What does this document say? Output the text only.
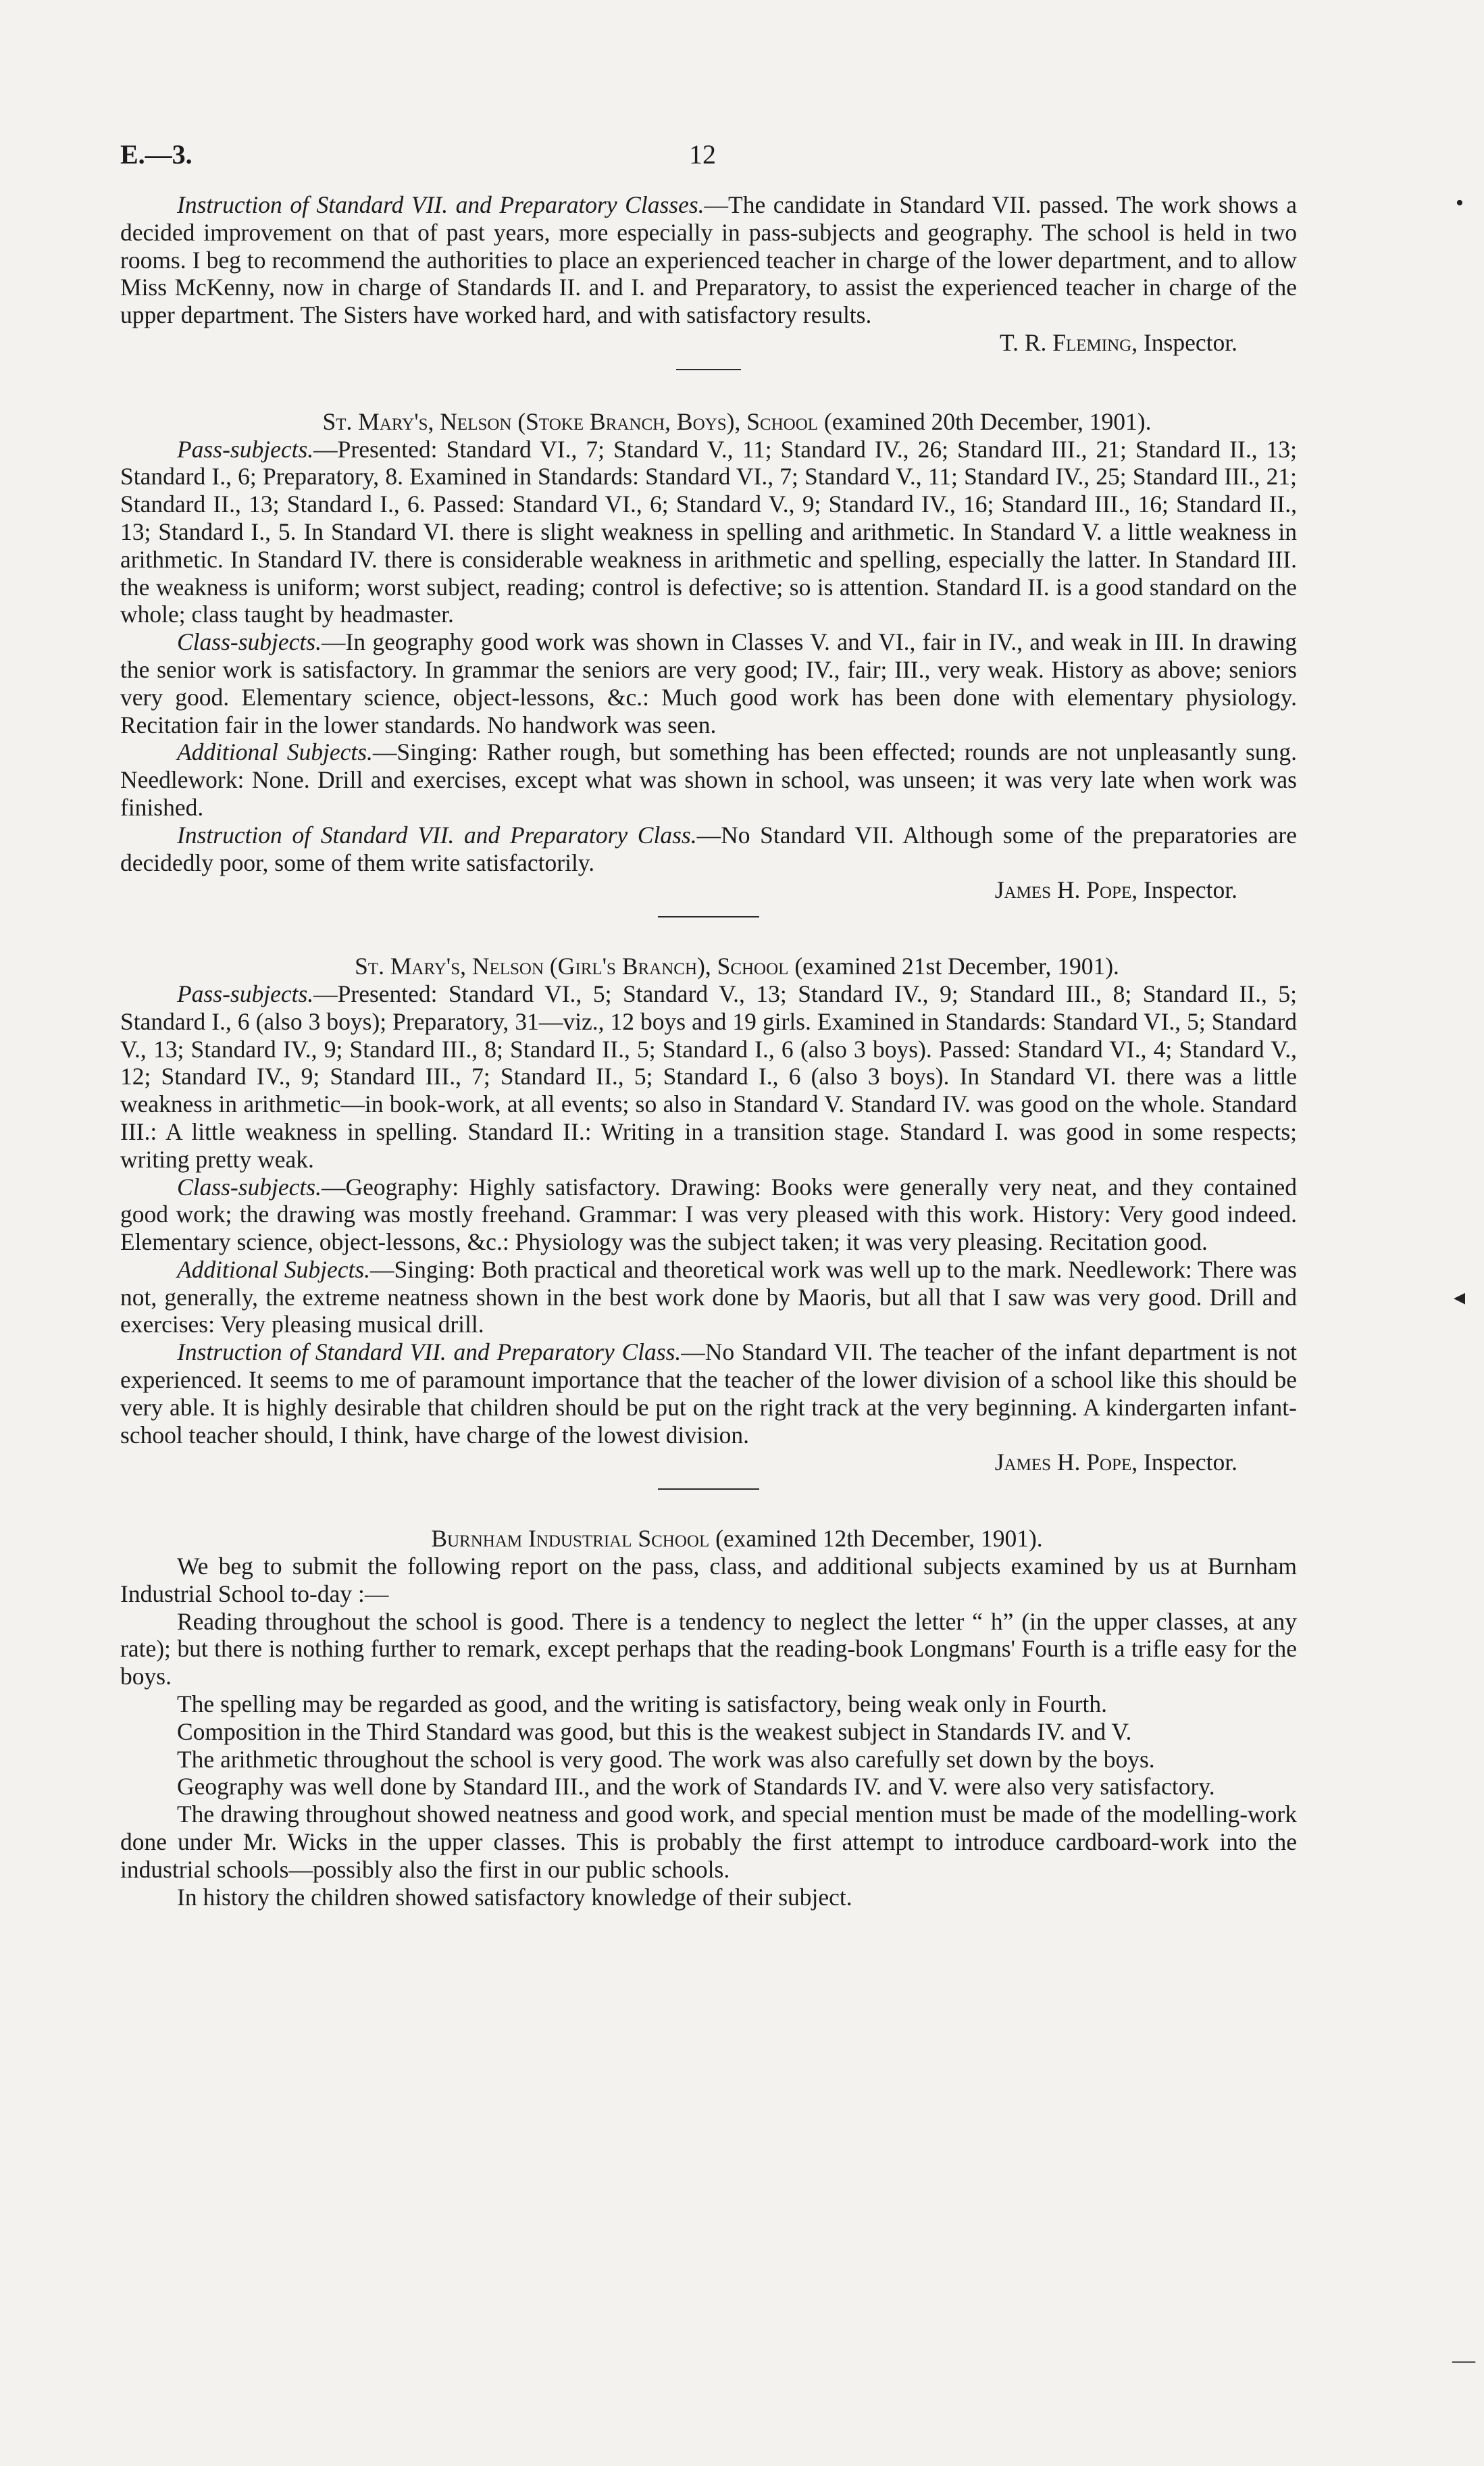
E.—3.	12

Instruction of Standard VII. and Preparatory Classes.—The candidate in Standard VII. passed. The work shows a decided improvement on that of past years, more especially in pass-subjects and geography. The school is held in two rooms. I beg to recommend the authorities to place an experienced teacher in charge of the lower department, and to allow Miss McKenny, now in charge of Standards II. and I. and Preparatory, to assist the experienced teacher in charge of the upper department. The Sisters have worked hard, and with satisfactory results.

T. R. Fleming, Inspector.

St. Mary's, Nelson (Stoke Branch, Boys), School (examined 20th December, 1901).

Pass-subjects.—Presented: Standard VI., 7; Standard V., 11; Standard IV., 26; Standard III., 21; Standard II., 13; Standard I., 6; Preparatory, 8. Examined in Standards: Standard VI., 7; Standard V., 11; Standard IV., 25; Standard III., 21; Standard II., 13; Standard I., 6. Passed: Standard VI., 6; Standard V., 9; Standard IV., 16; Standard III., 16; Standard II., 13; Standard I., 5. In Standard VI. there is slight weakness in spelling and arithmetic. In Standard V. a little weakness in arithmetic. In Standard IV. there is considerable weakness in arithmetic and spelling, especially the latter. In Standard III. the weakness is uniform; worst subject, reading; control is defective; so is attention. Standard II. is a good standard on the whole; class taught by headmaster.

Class-subjects.—In geography good work was shown in Classes V. and VI., fair in IV., and weak in III. In drawing the senior work is satisfactory. In grammar the seniors are very good; IV., fair; III., very weak. History as above; seniors very good. Elementary science, object-lessons, &c.: Much good work has been done with elementary physiology. Recitation fair in the lower standards. No handwork was seen.

Additional Subjects.—Singing: Rather rough, but something has been effected; rounds are not unpleasantly sung. Needlework: None. Drill and exercises, except what was shown in school, was unseen; it was very late when work was finished.

Instruction of Standard VII. and Preparatory Class.—No Standard VII. Although some of the preparatories are decidedly poor, some of them write satisfactorily.

James H. Pope, Inspector.

St. Mary's, Nelson (Girl's Branch), School (examined 21st December, 1901).

Pass-subjects.—Presented: Standard VI., 5; Standard V., 13; Standard IV., 9; Standard III., 8; Standard II., 5; Standard I., 6 (also 3 boys); Preparatory, 31—viz., 12 boys and 19 girls. Examined in Standards: Standard VI., 5; Standard V., 13; Standard IV., 9; Standard III., 8; Standard II., 5; Standard I., 6 (also 3 boys). Passed: Standard VI., 4; Standard V., 12; Standard IV., 9; Standard III., 7; Standard II., 5; Standard I., 6 (also 3 boys). In Standard VI. there was a little weakness in arithmetic—in book-work, at all events; so also in Standard V. Standard IV. was good on the whole. Standard III.: A little weakness in spelling. Standard II.: Writing in a transition stage. Standard I. was good in some respects; writing pretty weak.

Class-subjects.—Geography: Highly satisfactory. Drawing: Books were generally very neat, and they contained good work; the drawing was mostly freehand. Grammar: I was very pleased with this work. History: Very good indeed. Elementary science, object-lessons, &c.: Physiology was the subject taken; it was very pleasing. Recitation good.

Additional Subjects.—Singing: Both practical and theoretical work was well up to the mark. Needlework: There was not, generally, the extreme neatness shown in the best work done by Maoris, but all that I saw was very good. Drill and exercises: Very pleasing musical drill.

Instruction of Standard VII. and Preparatory Class.—No Standard VII. The teacher of the infant department is not experienced. It seems to me of paramount importance that the teacher of the lower division of a school like this should be very able. It is highly desirable that children should be put on the right track at the very beginning. A kindergarten infant-school teacher should, I think, have charge of the lowest division.

James H. Pope, Inspector.

Burnham Industrial School (examined 12th December, 1901).

We beg to submit the following report on the pass, class, and additional subjects examined by us at Burnham Industrial School to-day :—

Reading throughout the school is good. There is a tendency to neglect the letter “ h” (in the upper classes, at any rate); but there is nothing further to remark, except perhaps that the reading-book Longmans' Fourth is a trifle easy for the boys.

The spelling may be regarded as good, and the writing is satisfactory, being weak only in Fourth.

Composition in the Third Standard was good, but this is the weakest subject in Standards IV. and V.

The arithmetic throughout the school is very good. The work was also carefully set down by the boys.

Geography was well done by Standard III., and the work of Standards IV. and V. were also very satisfactory.

The drawing throughout showed neatness and good work, and special mention must be made of the modelling-work done under Mr. Wicks in the upper classes. This is probably the first attempt to introduce cardboard-work into the industrial schools—possibly also the first in our public schools.

In history the children showed satisfactory knowledge of their subject.

•
◂
—
